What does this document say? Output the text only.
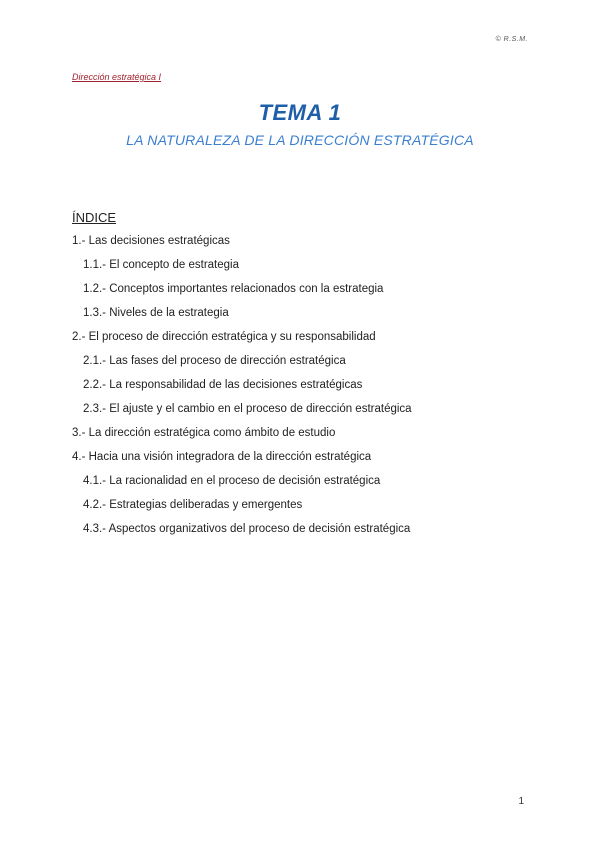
© R.S.M.
Dirección estratégica I
TEMA 1
LA NATURALEZA DE LA DIRECCIÓN ESTRATÉGICA
ÍNDICE
1.- Las decisiones estratégicas
1.1.- El concepto de estrategia
1.2.- Conceptos importantes relacionados con la estrategia
1.3.- Niveles de la estrategia
2.- El proceso de dirección estratégica y su responsabilidad
2.1.- Las fases del proceso de dirección estratégica
2.2.- La responsabilidad de las decisiones estratégicas
2.3.- El ajuste y el cambio en el proceso de dirección estratégica
3.- La dirección estratégica como ámbito de estudio
4.- Hacia una visión integradora de la dirección estratégica
4.1.- La racionalidad en el proceso de decisión estratégica
4.2.- Estrategias deliberadas y emergentes
4.3.- Aspectos organizativos del proceso de decisión estratégica
1
